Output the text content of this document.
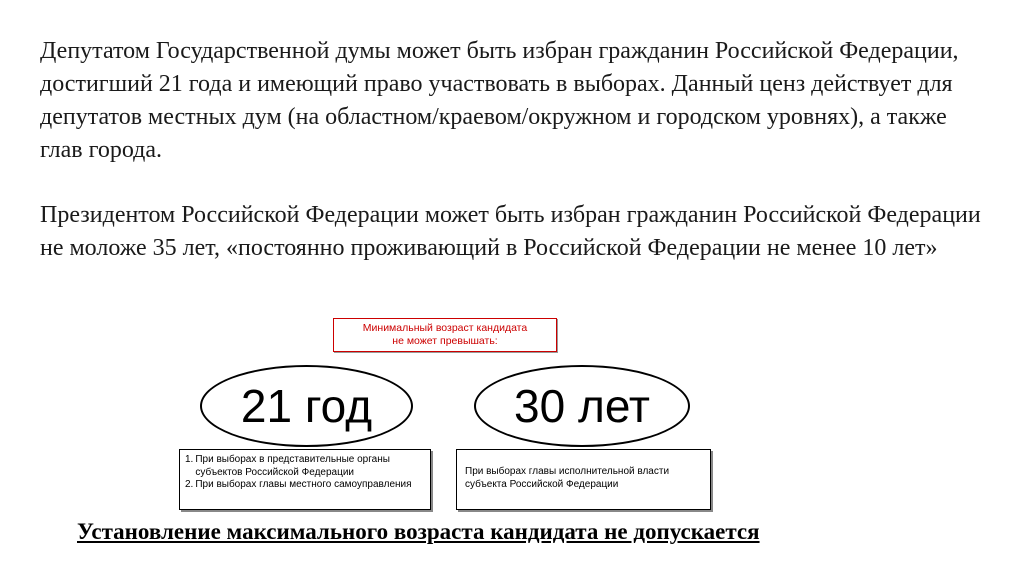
Депутатом Государственной думы может быть избран гражданин Российской Федерации, достигший 21 года и имеющий право участвовать в выборах. Данный ценз действует для депутатов местных дум (на областном/краевом/окружном и городском уровнях), а также глав города.

Президентом Российской Федерации может быть избран гражданин Российской Федерации не моложе 35 лет, «постоянно проживающий в Российской Федерации не менее 10 лет»

Минимальный возраст кандидата
не может превышать:
21 год	30 лет
1. При выборах в представительные органы субъектов Российской Федерации
2. При выборах главы местного самоуправления
При выборах главы исполнительной власти субъекта Российской Федерации
Установление максимального возраста кандидата не допускается
